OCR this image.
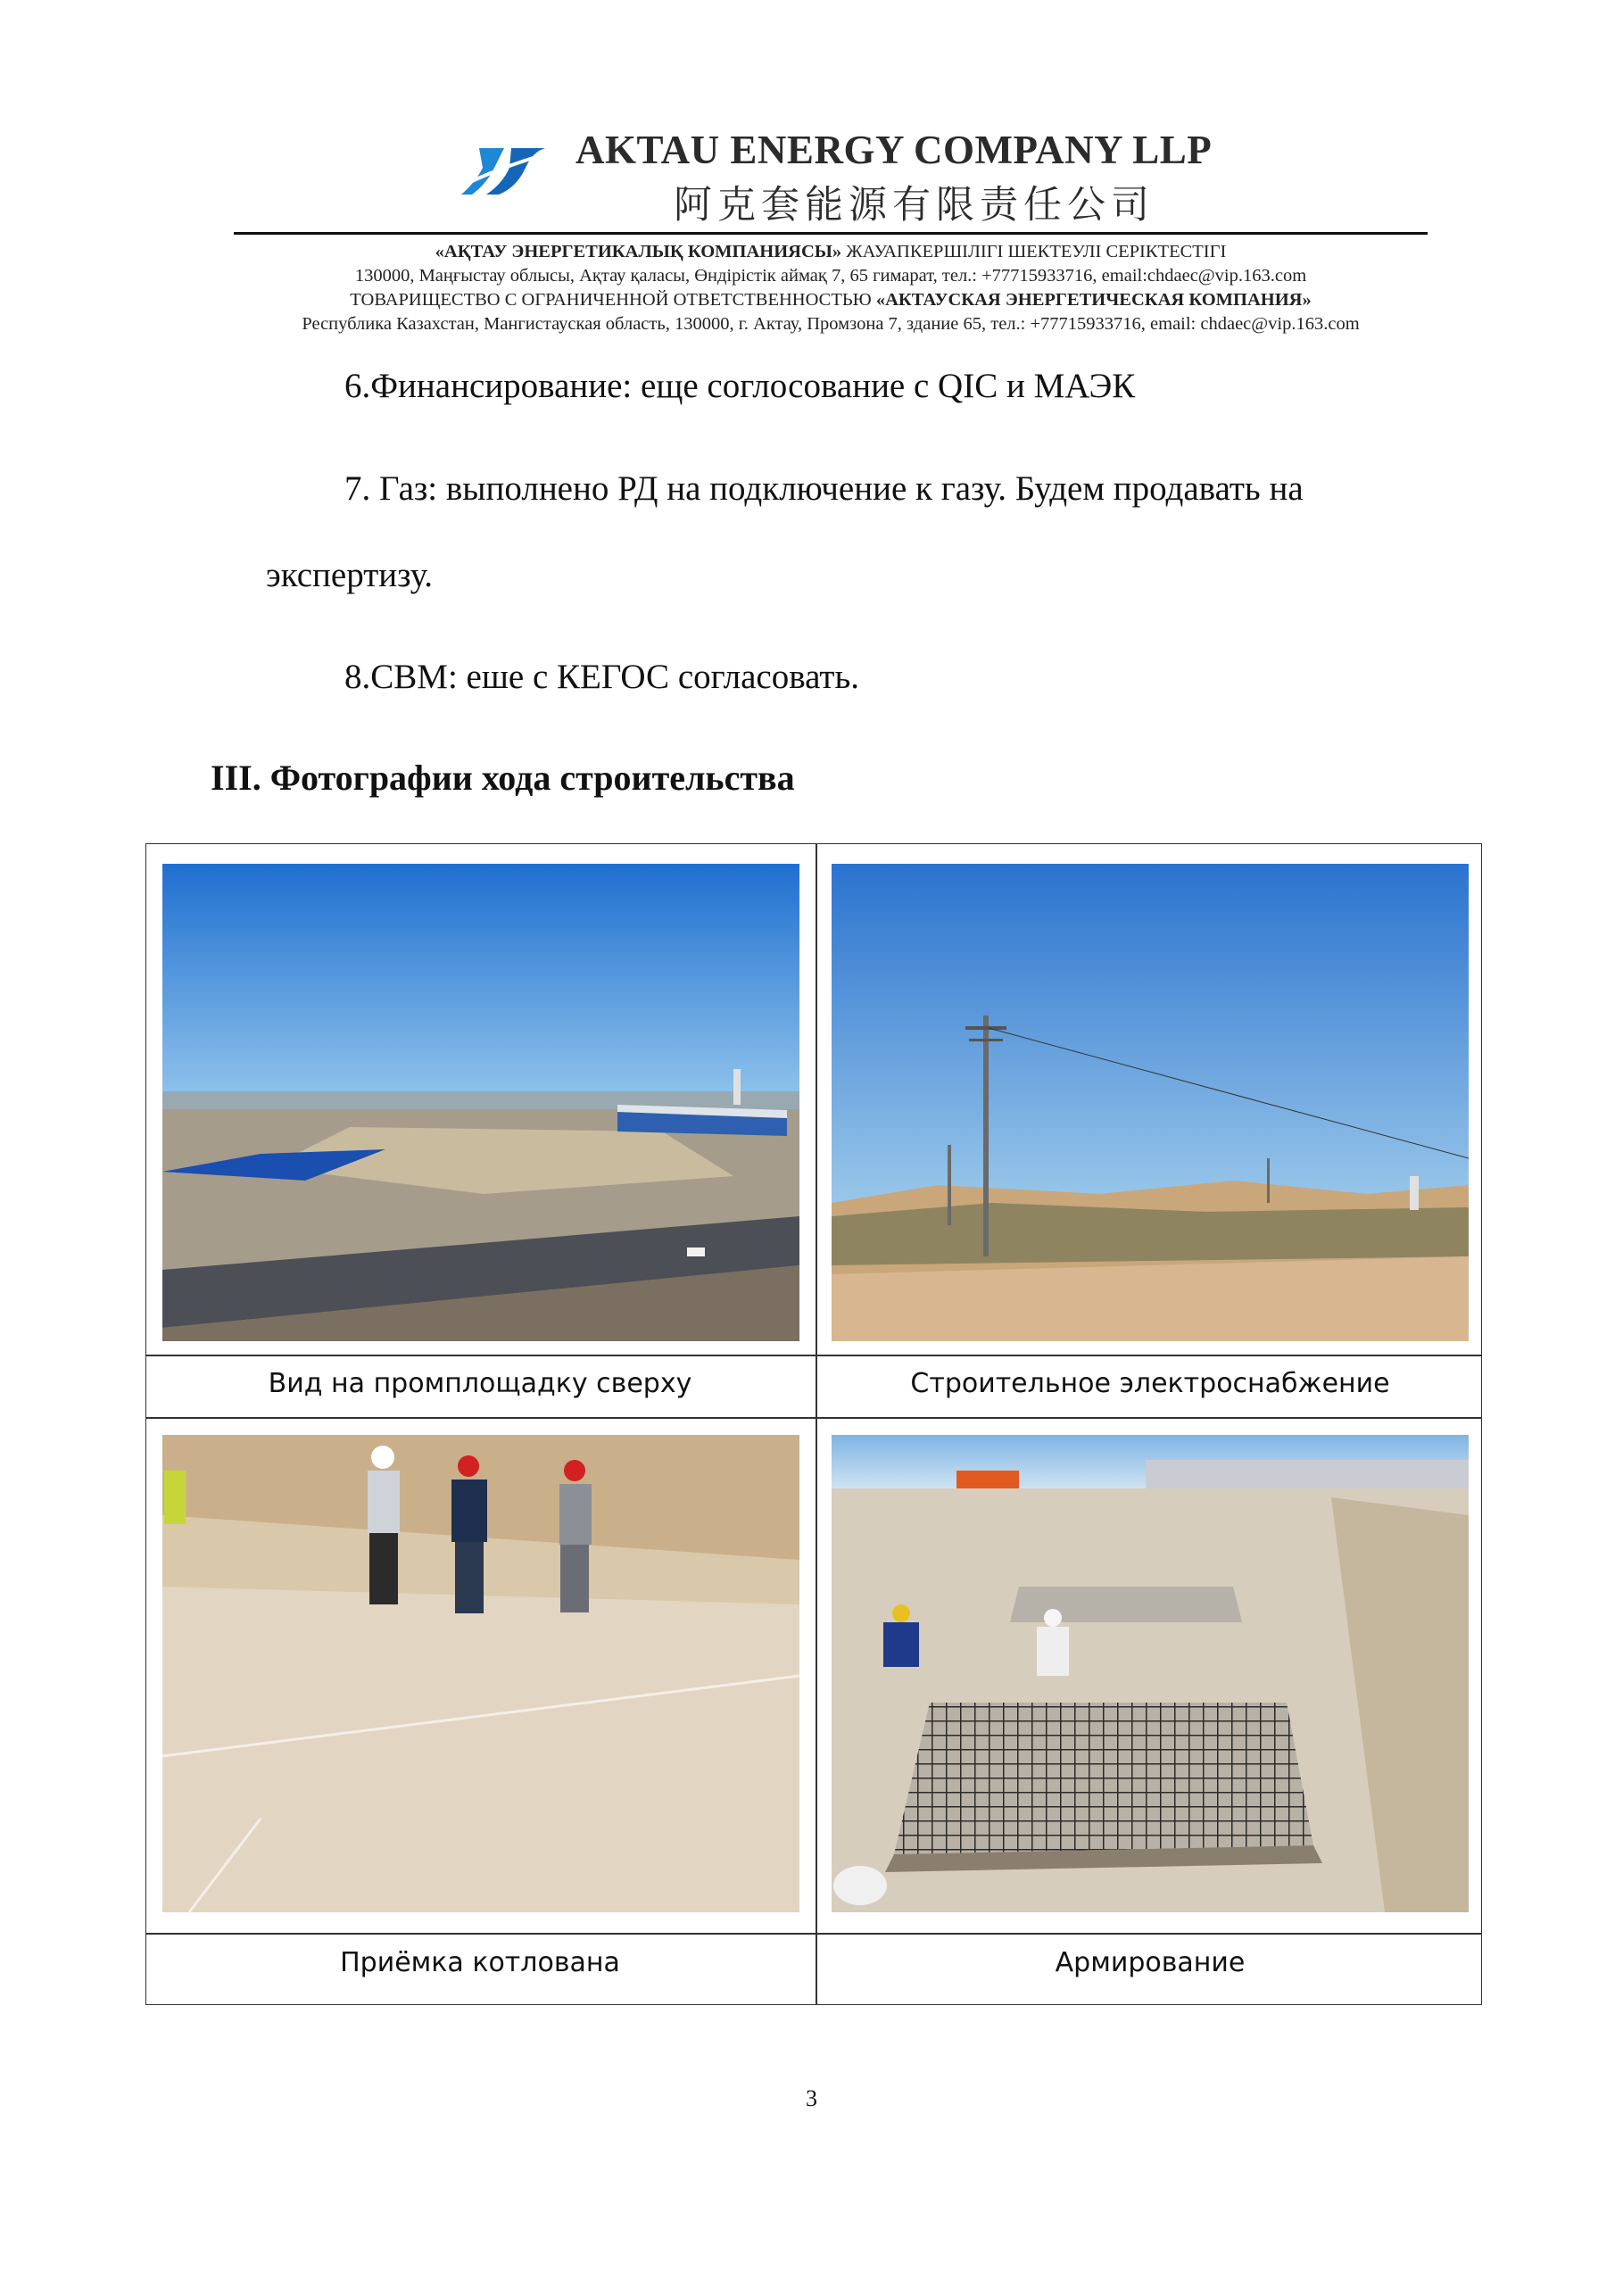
AKTAU ENERGY COMPANY LLP
阿克套能源有限责任公司
«АҚТАУ ЭНЕРГЕТИКАЛЫҚ КОМПАНИЯСЫ» ЖАУАПКЕРШІЛІГІ ШЕКТЕУЛІ СЕРІКТЕСТІГІ
130000, Маңғыстау облысы, Ақтау қаласы, Өндірістік аймақ 7, 65 гимарат, тел.: +77715933716, email:chdaec@vip.163.com
ТОВАРИЩЕСТВО С ОГРАНИЧЕННОЙ ОТВЕТСТВЕННОСТЬЮ «АКТАУСКАЯ ЭНЕРГЕТИЧЕСКАЯ КОМПАНИЯ»
Республика Казахстан, Мангистауская область, 130000, г. Актау, Промзона 7, здание 65, тел.: +77715933716, email: chdaec@vip.163.com
6.Финансирование: еще соглосование с QIC и МАЭК
7. Газ: выполнено РД на подключение к газу. Будем продавать на
экспертизу.
8.CBM: еше с КЕГОС согласовать.
III. Фотографии хода строительства
Вид на промплощадку сверху	Строительное электроснабжение
Приёмка котлована	Армирование
3
